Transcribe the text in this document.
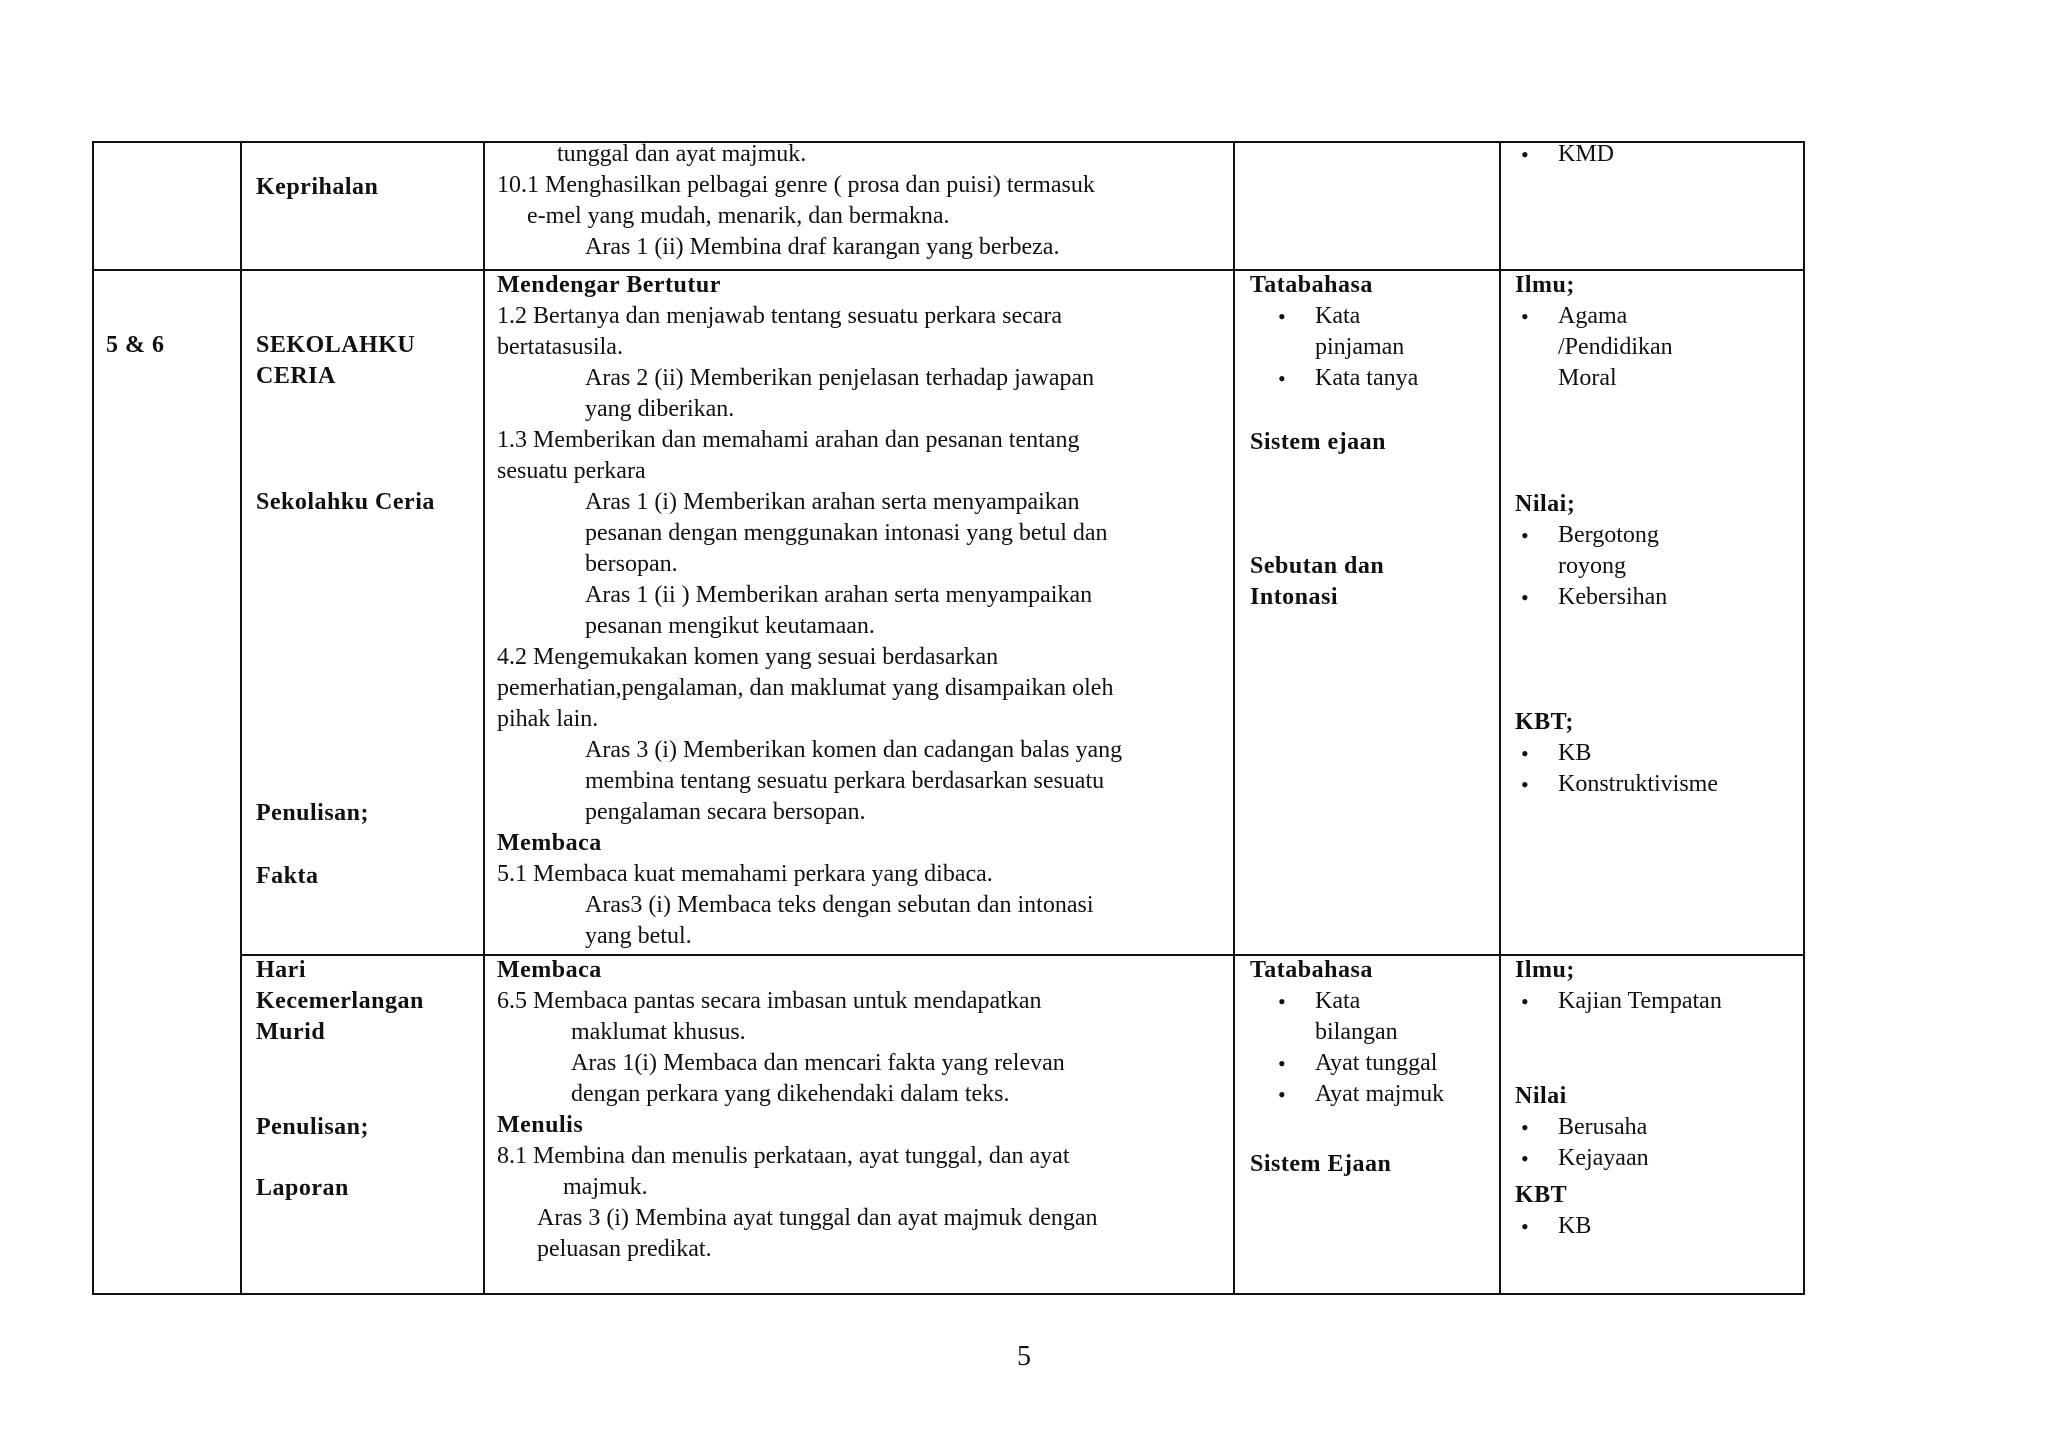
Keprihalan
tunggal dan ayat majmuk.
10.1 Menghasilkan pelbagai genre ( prosa dan puisi) termasuk
e-mel yang mudah, menarik, dan bermakna.
Aras 1 (ii) Membina draf karangan yang berbeza.
• KMD
5 & 6	SEKOLAHKU
CERIA
Sekolahku Ceria
Penulisan;
Fakta
Mendengar Bertutur
1.2 Bertanya dan menjawab tentang sesuatu perkara secara
bertatasusila.
Aras 2 (ii) Memberikan penjelasan terhadap jawapan
yang diberikan.
1.3 Memberikan dan memahami arahan dan pesanan tentang
sesuatu perkara
Aras 1 (i) Memberikan arahan serta menyampaikan
pesanan dengan menggunakan intonasi yang betul dan
bersopan.
Aras 1 (ii ) Memberikan arahan serta menyampaikan
pesanan mengikut keutamaan.
4.2 Mengemukakan komen yang sesuai berdasarkan
pemerhatian,pengalaman, dan maklumat yang disampaikan oleh
pihak lain.
Aras 3 (i) Memberikan komen dan cadangan balas yang
membina tentang sesuatu perkara berdasarkan sesuatu
pengalaman secara bersopan.
Membaca
5.1 Membaca kuat memahami perkara yang dibaca.
Aras3 (i) Membaca teks dengan sebutan dan intonasi
yang betul.
Tatabahasa
• Kata
pinjaman
• Kata tanya
Sistem ejaan
Sebutan dan
Intonasi
Ilmu;
• Agama
/Pendidikan
Moral
Nilai;
• Bergotong
royong
• Kebersihan
KBT;
• KB
• Konstruktivisme
Hari
Kecemerlangan
Murid
Penulisan;
Laporan
Membaca
6.5 Membaca pantas secara imbasan untuk mendapatkan
maklumat khusus.
Aras 1(i) Membaca dan mencari fakta yang relevan
dengan perkara yang dikehendaki dalam teks.
Menulis
8.1 Membina dan menulis perkataan, ayat tunggal, dan ayat
majmuk.
Aras 3 (i) Membina ayat tunggal dan ayat majmuk dengan
peluasan predikat.
Tatabahasa
• Kata
bilangan
• Ayat tunggal
• Ayat majmuk
Sistem Ejaan
Ilmu;
• Kajian Tempatan
Nilai
• Berusaha
• Kejayaan
KBT
• KB
5
